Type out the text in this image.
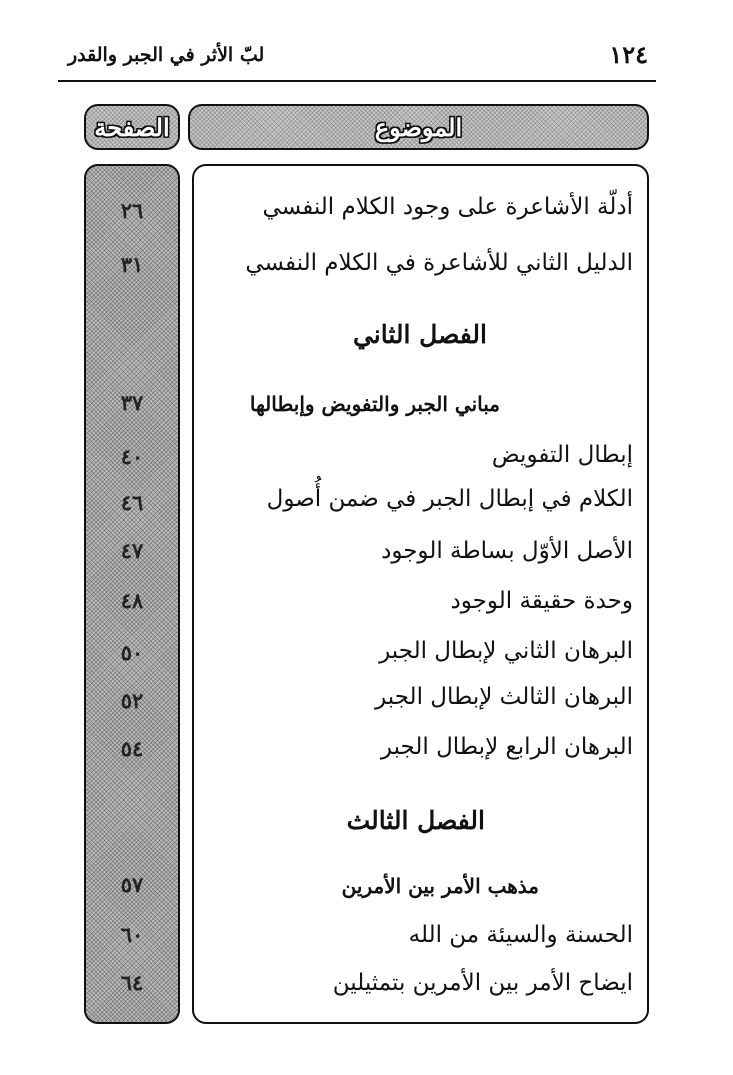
لبّ الأثر في الجبر والقدر	١٢٤
الموضوع
الصفحة
أدلّة الأشاعرة على وجود الكلام النفسي
٢٦
الدليل الثاني للأشاعرة في الكلام النفسي
٣١
الفصل الثاني
مباني الجبر والتفويض وإبطالها
٣٧
إبطال التفويض
٤٠
الكلام في إبطال الجبر في ضمن أُصول
٤٦
الأصل الأوّل بساطة الوجود
٤٧
وحدة حقيقة الوجود
٤٨
البرهان الثاني لإبطال الجبر
٥٠
البرهان الثالث لإبطال الجبر
٥٢
البرهان الرابع لإبطال الجبر
٥٤
الفصل الثالث
مذهب الأمر بين الأمرين
٥٧
الحسنة والسيئة من الله
٦٠
ايضاح الأمر بين الأمرين بتمثيلين
٦٤
